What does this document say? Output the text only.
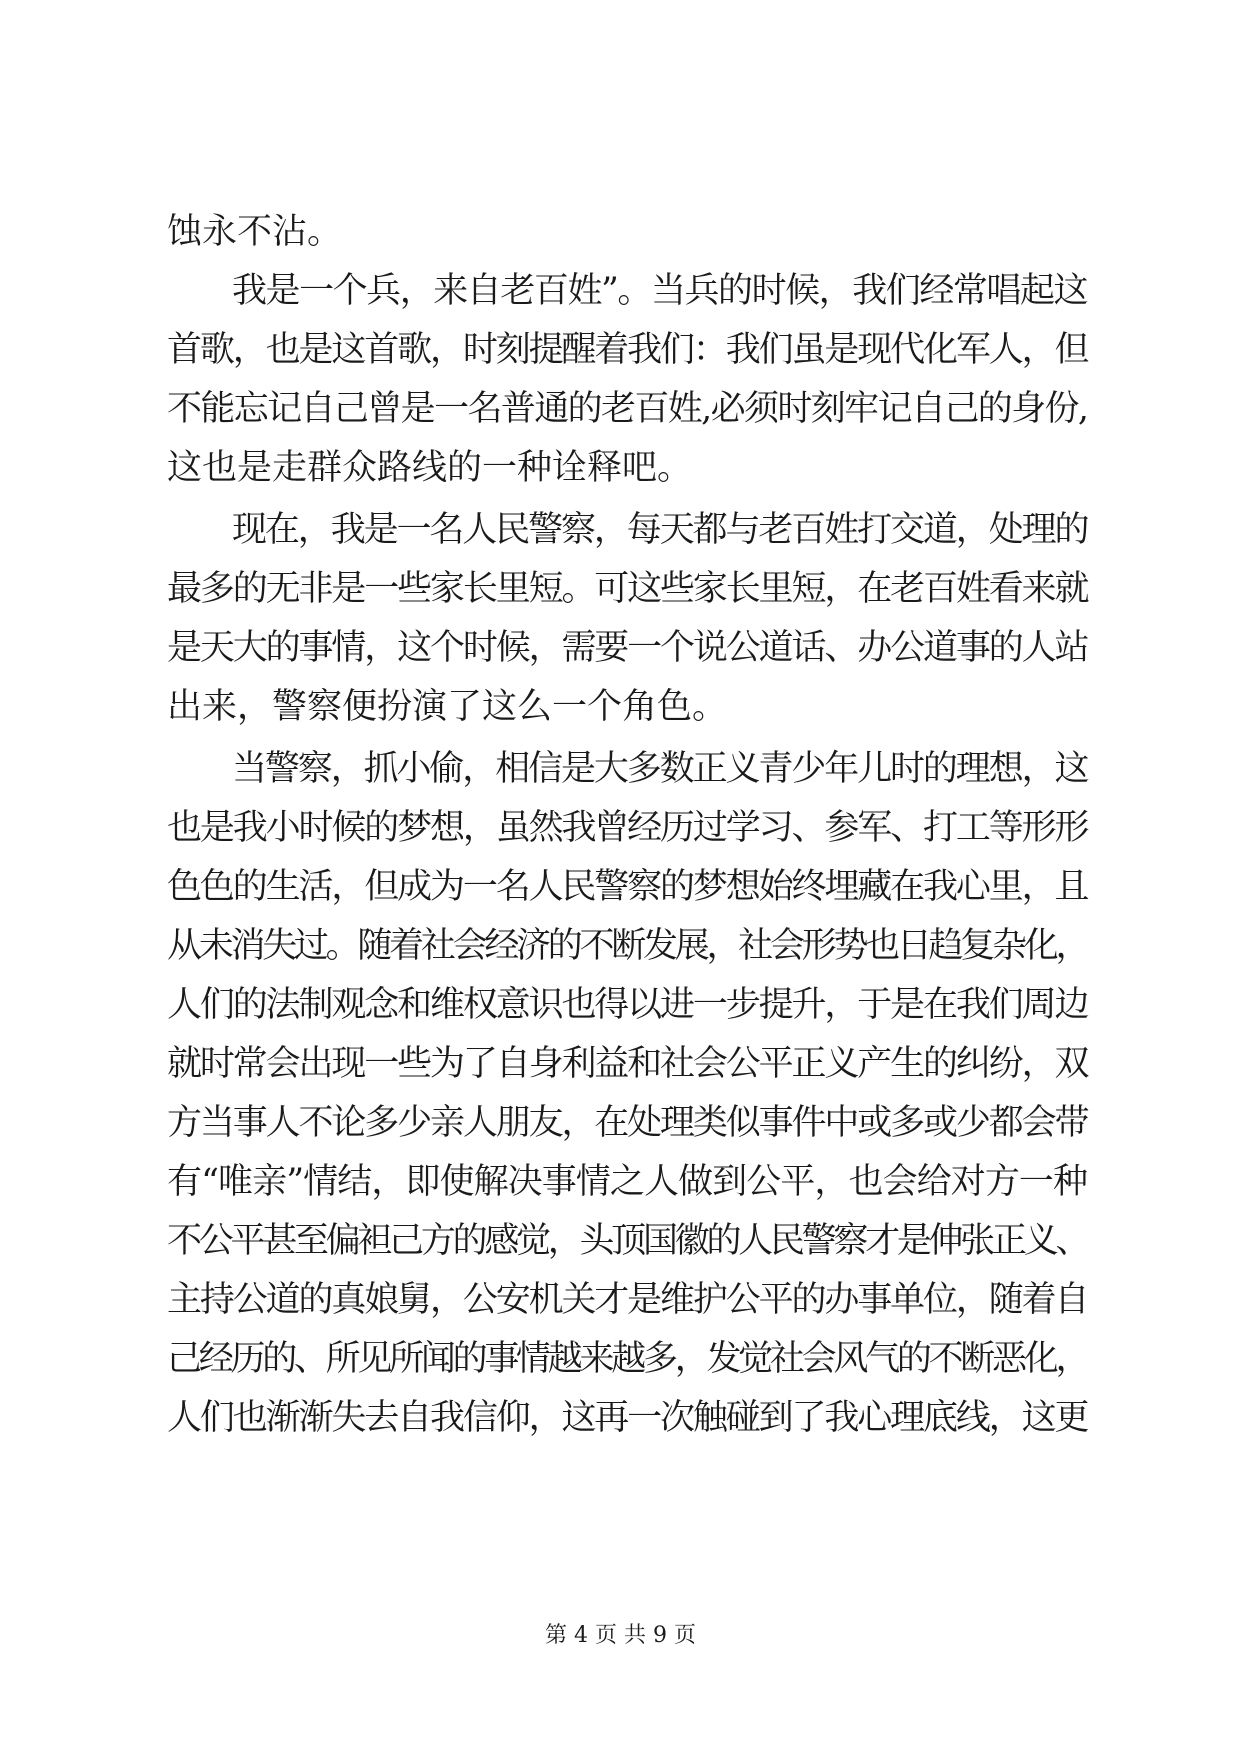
蚀永不沾。
我是一个兵，来自老百姓”。当兵的时候，我们经常唱起这
首歌，也是这首歌，时刻提醒着我们：我们虽是现代化军人，但
不能忘记自己曾是一名普通的老百姓,必须时刻牢记自己的身份,
这也是走群众路线的一种诠释吧。
现在，我是一名人民警察，每天都与老百姓打交道，处理的
最多的无非是一些家长里短。可这些家长里短，在老百姓看来就
是天大的事情，这个时候，需要一个说公道话、办公道事的人站
出来，警察便扮演了这么一个角色。
当警察，抓小偷，相信是大多数正义青少年儿时的理想，这
也是我小时候的梦想，虽然我曾经历过学习、参军、打工等形形
色色的生活，但成为一名人民警察的梦想始终埋藏在我心里，且
从未消失过。随着社会经济的不断发展，社会形势也日趋复杂化，
人们的法制观念和维权意识也得以进一步提升，于是在我们周边
就时常会出现一些为了自身利益和社会公平正义产生的纠纷，双
方当事人不论多少亲人朋友，在处理类似事件中或多或少都会带
有“唯亲”情结，即使解决事情之人做到公平，也会给对方一种
不公平甚至偏袒己方的感觉，头顶国徽的人民警察才是伸张正义、
主持公道的真娘舅，公安机关才是维护公平的办事单位，随着自
己经历的、所见所闻的事情越来越多，发觉社会风气的不断恶化，
人们也渐渐失去自我信仰，这再一次触碰到了我心理底线，这更
第 4 页 共 9 页
